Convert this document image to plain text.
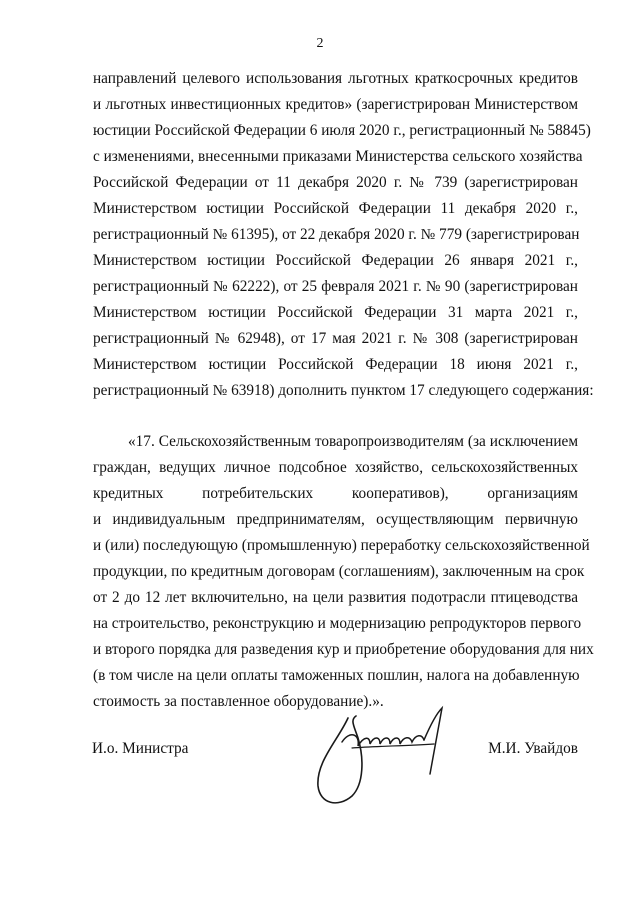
2
направлений целевого использования льготных краткосрочных кредитов
и льготных инвестиционных кредитов» (зарегистрирован Министерством
юстиции Российской Федерации 6 июля 2020 г., регистрационный № 58845)
с изменениями, внесенными приказами Министерства сельского хозяйства
Российской Федерации от 11 декабря 2020 г. № 739 (зарегистрирован
Министерством юстиции Российской Федерации 11 декабря 2020 г.,
регистрационный № 61395), от 22 декабря 2020 г. № 779 (зарегистрирован
Министерством юстиции Российской Федерации 26 января 2021 г.,
регистрационный № 62222), от 25 февраля 2021 г. № 90 (зарегистрирован
Министерством юстиции Российской Федерации 31 марта 2021 г.,
регистрационный № 62948), от 17 мая 2021 г. № 308 (зарегистрирован
Министерством юстиции Российской Федерации 18 июня 2021 г.,
регистрационный № 63918) дополнить пунктом 17 следующего содержания:
«17. Сельскохозяйственным товаропроизводителям (за исключением
граждан, ведущих личное подсобное хозяйство, сельскохозяйственных
кредитных потребительских кооперативов), организациям
и индивидуальным предпринимателям, осуществляющим первичную
и (или) последующую (промышленную) переработку сельскохозяйственной
продукции, по кредитным договорам (соглашениям), заключенным на срок
от 2 до 12 лет включительно, на цели развития подотрасли птицеводства
на строительство, реконструкцию и модернизацию репродукторов первого
и второго порядка для разведения кур и приобретение оборудования для них
(в том числе на цели оплаты таможенных пошлин, налога на добавленную
стоимость за поставленное оборудование).».
И.о. Министра	М.И. Увайдов
